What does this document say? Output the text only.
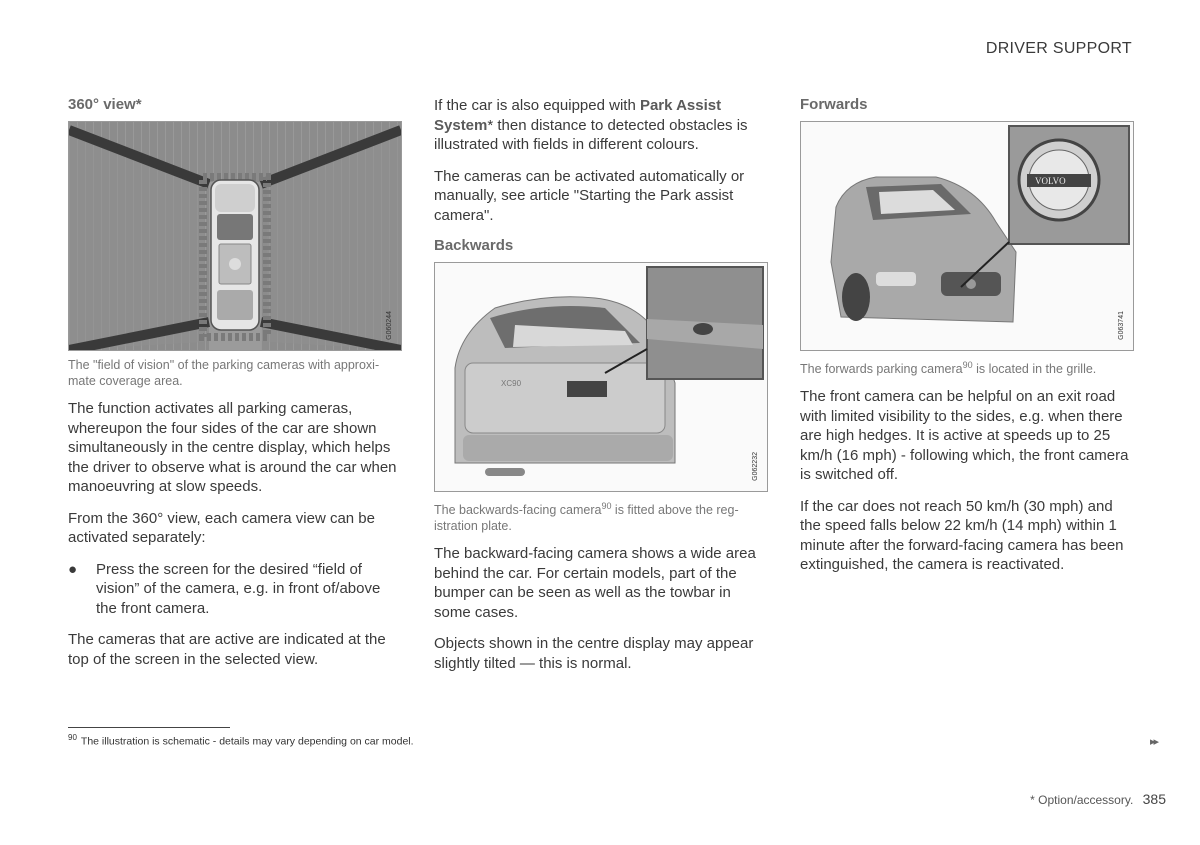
DRIVER SUPPORT
360° view*
G060244
The "field of vision" of the parking cameras with approxi-mate coverage area.

The function activates all parking cameras, whereupon the four sides of the car are shown simultaneously in the centre display, which helps the driver to observe what is around the car when manoeuvring at slow speeds.

From the 360° view, each camera view can be activated separately:

●	Press the screen for the desired “field of vision” of the camera, e.g. in front of/above the front camera.

The cameras that are active are indicated at the top of the screen in the selected view.

If the car is also equipped with Park Assist System* then distance to detected obstacles is illustrated with fields in different colours.

The cameras can be activated automatically or manually, see article "Starting the Park assist camera".

Backwards
XC90
G062232
The backwards-facing camera$^{90}$ is fitted above the reg-istration plate.

The backward-facing camera shows a wide area behind the car. For certain models, part of the bumper can be seen as well as the towbar in some cases.

Objects shown in the centre display may appear slightly tilted — this is normal.

Forwards
VOLVO
G063741
The forwards parking camera$^{90}$ is located in the grille.

The front camera can be helpful on an exit road with limited visibility to the sides, e.g. when there are high hedges. It is active at speeds up to 25 km/h (16 mph) - following which, the front camera is switched off.

If the car does not reach 50 km/h (30 mph) and the speed falls below 22 km/h (14 mph) within 1 minute after the forward-facing camera has been extinguished, the camera is reactivated.

$^{90}$ The illustration is schematic - details may vary depending on car model.	▸▸
* Option/accessory. 385
